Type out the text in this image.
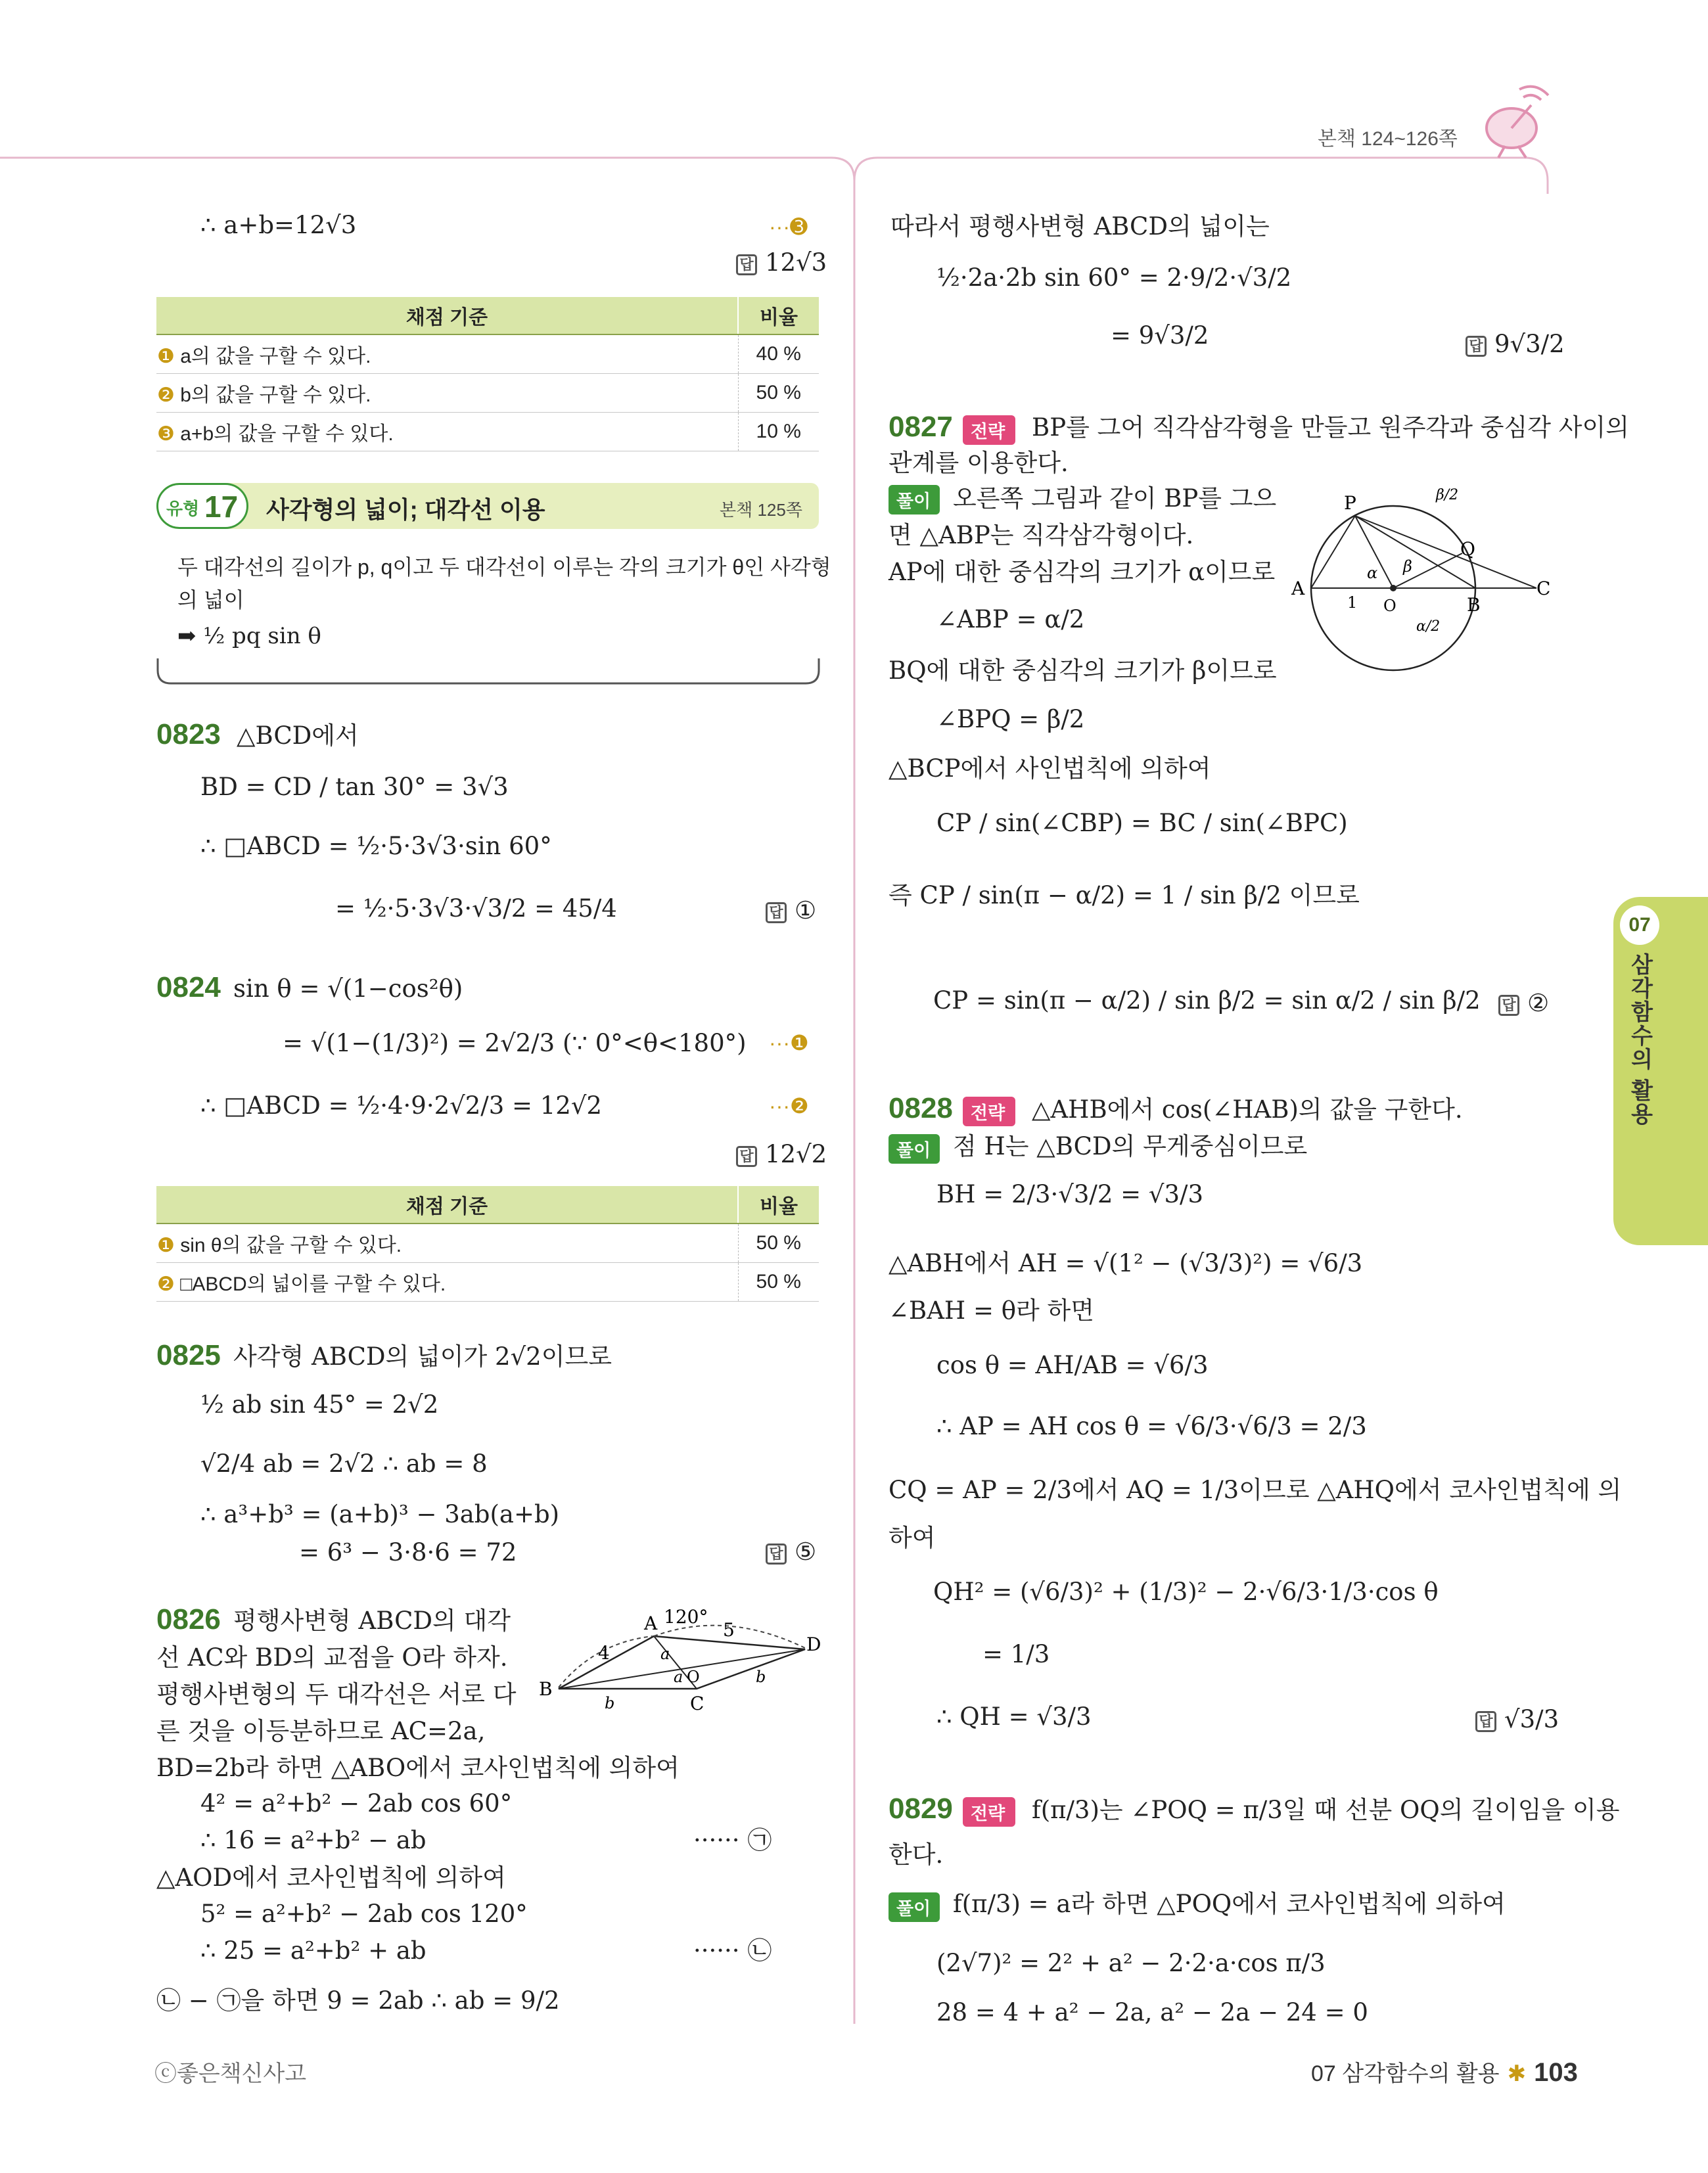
본책 124~126쪽
07
삼각함수의 활용
∴ a+b=12√3	···➌
답 12√3
채점 기준	비율
❶ a의 값을 구할 수 있다.	40 %
❷ b의 값을 구할 수 있다.	50 %
❸ a+b의 값을 구할 수 있다.	10 %
유형 17 사각형의 넓이; 대각선 이용	본책 125쪽
두 대각선의 길이가 p, q이고 두 대각선이 이루는 각의 크기가 θ인 사각형
의 넓이
➡ ½ pq sin θ
0823 △BCD에서
BD = CD / tan 30° = 3√3
∴ □ABCD = ½·5·3√3·sin 60°
= ½·5·3√3·√3/2 = 45/4	답 ①
0824 sin θ = √(1−cos²θ)
= √(1−(1/3)²) = 2√2/3 (∵ 0°<θ<180°) ···❶
∴ □ABCD = ½·4·9·2√2/3 = 12√2	···❷
답 12√2
채점 기준	비율
❶ sin θ의 값을 구할 수 있다.	50 %
❷ □ABCD의 넓이를 구할 수 있다.	50 %
0825 사각형 ABCD의 넓이가 2√2이므로
½ ab sin 45° = 2√2
√2/4 ab = 2√2 ∴ ab = 8
∴ a³+b³ = (a+b)³ − 3ab(a+b)
= 6³ − 3·8·6 = 72	답 ⑤
0826 평행사변형 ABCD의 대각
선 AC와 BD의 교점을 O라 하자.
평행사변형의 두 대각선은 서로 다
른 것을 이등분하므로 AC=2a,
BD=2b라 하면 △ABO에서 코사인법칙에 의하여
4² = a²+b² − 2ab cos 60°
∴ 16 = a²+b² − ab	······ ㉠
△AOD에서 코사인법칙에 의하여
5² = a²+b² − 2ab cos 120°
∴ 25 = a²+b² + ab	······ ㉡
㉡ − ㉠을 하면 9 = 2ab ∴ ab = 9/2
120°
5
4
A
B
C
D
O
a
a
b
b
따라서 평행사변형 ABCD의 넓이는
½·2a·2b sin 60° = 2·9/2·√3/2
= 9√3/2	답 9√3/2
0827	전략	BP를 그어 직각삼각형을 만들고 원주각과 중심각 사이의
관계를 이용한다.
풀이 오른쪽 그림과 같이 BP를 그으
면 △ABP는 직각삼각형이다.
AP에 대한 중심각의 크기가 α이므로
∠ABP = α/2
BQ에 대한 중심각의 크기가 β이므로
∠BPQ = β/2
△BCP에서 사인법칙에 의하여
CP / sin(∠CBP) = BC / sin(∠BPC)
즉 CP / sin(π − α/2) = 1 / sin β/2 이므로
CP = sin(π − α/2) / sin β/2 = sin α/2 / sin β/2 답 ②
P
Q
A
B
C
O
1
α β
β/2
α/2
0828	전략	△AHB에서 cos(∠HAB)의 값을 구한다.
풀이 점 H는 △BCD의 무게중심이므로
BH = 2/3·√3/2 = √3/3
△ABH에서 AH = √(1² − (√3/3)²) = √6/3
∠BAH = θ라 하면
cos θ = AH/AB = √6/3
∴ AP = AH cos θ = √6/3·√6/3 = 2/3
CQ = AP = 2/3에서 AQ = 1/3이므로 △AHQ에서 코사인법칙에 의
하여
QH² = (√6/3)² + (1/3)² − 2·√6/3·1/3·cos θ
= 1/3
∴ QH = √3/3	답 √3/3
0829	전략	f(π/3)는 ∠POQ = π/3일 때 선분 OQ의 길이임을 이용
한다.
풀이 f(π/3) = a라 하면 △POQ에서 코사인법칙에 의하여
(2√7)² = 2² + a² − 2·2·a·cos π/3
28 = 4 + a² − 2a, a² − 2a − 24 = 0
ⓒ좋은책신사고	07 삼각함수의 활용 ✱ 103
